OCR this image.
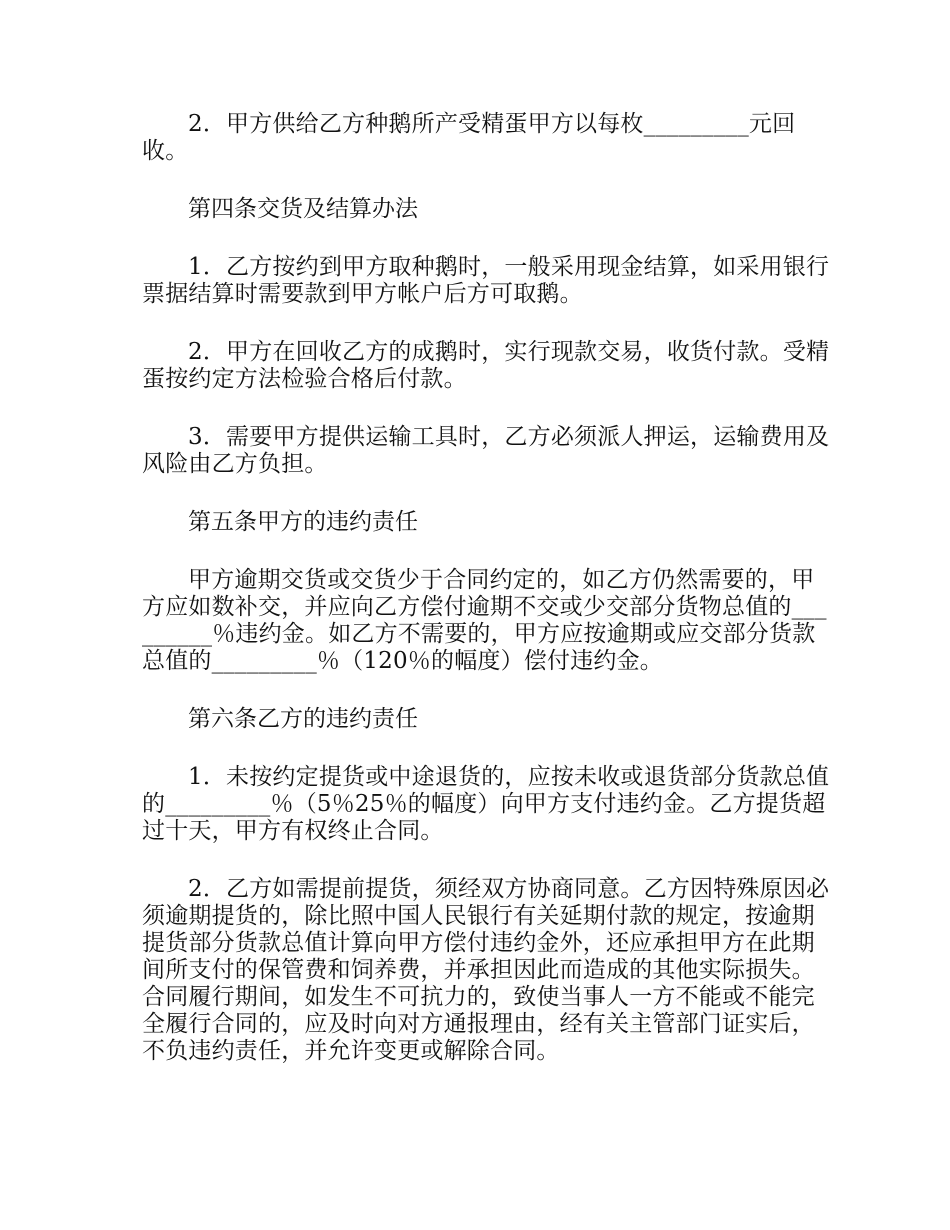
2．甲方供给乙方种鹅所产受精蛋甲方以每枚_________元回收。

第四条交货及结算办法

1．乙方按约到甲方取种鹅时，一般采用现金结算，如采用银行票据结算时需要款到甲方帐户后方可取鹅。

2．甲方在回收乙方的成鹅时，实行现款交易，收货付款。受精蛋按约定方法检验合格后付款。

3．需要甲方提供运输工具时，乙方必须派人押运，运输费用及风险由乙方负担。

第五条甲方的违约责任

甲方逾期交货或交货少于合同约定的，如乙方仍然需要的，甲方应如数补交，并应向乙方偿付逾期不交或少交部分货物总值的_________％违约金。如乙方不需要的，甲方应按逾期或应交部分货款总值的_________％（120％的幅度）偿付违约金。

第六条乙方的违约责任

1．未按约定提货或中途退货的，应按未收或退货部分货款总值的_________％（5％25％的幅度）向甲方支付违约金。乙方提货超过十天，甲方有权终止合同。

2．乙方如需提前提货，须经双方协商同意。乙方因特殊原因必须逾期提货的，除比照中国人民银行有关延期付款的规定，按逾期提货部分货款总值计算向甲方偿付违约金外，还应承担甲方在此期间所支付的保管费和饲养费，并承担因此而造成的其他实际损失。合同履行期间，如发生不可抗力的，致使当事人一方不能或不能完全履行合同的，应及时向对方通报理由，经有关主管部门证实后，不负违约责任，并允许变更或解除合同。
